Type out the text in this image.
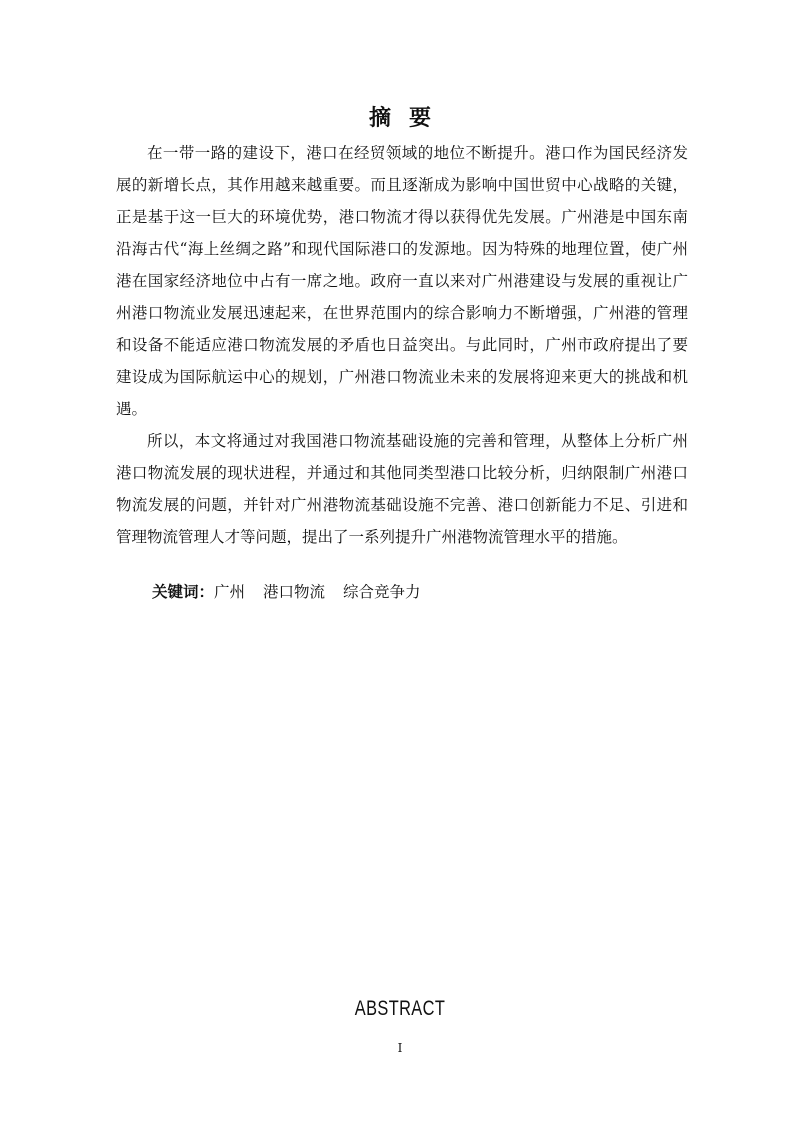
摘要

在一带一路的建设下，港口在经贸领域的地位不断提升。港口作为国民经济发展的新增长点，其作用越来越重要。而且逐渐成为影响中国世贸中心战略的关键，正是基于这一巨大的环境优势，港口物流才得以获得优先发展。广州港是中国东南沿海古代“海上丝绸之路”和现代国际港口的发源地。因为特殊的地理位置，使广州港在国家经济地位中占有一席之地。政府一直以来对广州港建设与发展的重视让广州港口物流业发展迅速起来，在世界范围内的综合影响力不断增强，广州港的管理和设备不能适应港口物流发展的矛盾也日益突出。与此同时，广州市政府提出了要建设成为国际航运中心的规划，广州港口物流业未来的发展将迎来更大的挑战和机遇。

所以，本文将通过对我国港口物流基础设施的完善和管理，从整体上分析广州港口物流发展的现状进程，并通过和其他同类型港口比较分析，归纳限制广州港口物流发展的问题，并针对广州港物流基础设施不完善、港口创新能力不足、引进和管理物流管理人才等问题，提出了一系列提升广州港物流管理水平的措施。

关键词：广州 港口物流 综合竞争力
ABSTRACT
I
